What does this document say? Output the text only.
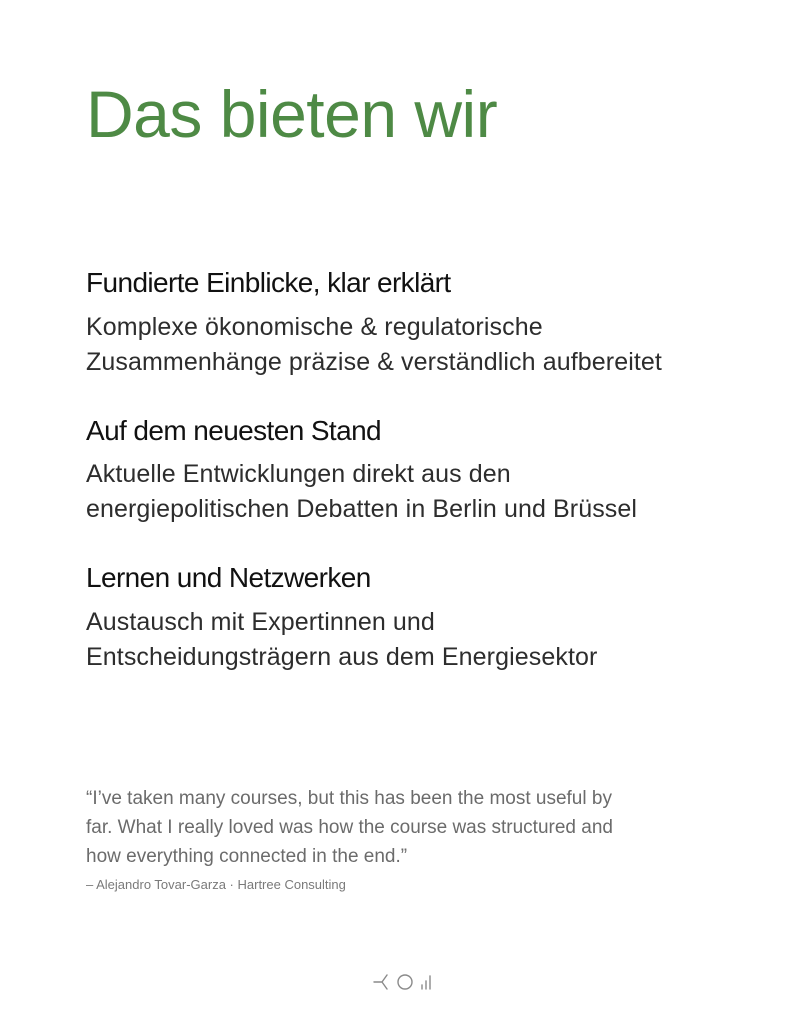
Das bieten wir
Fundierte Einblicke, klar erklärt

Komplexe ökonomische & regulatorische
Zusammenhänge präzise & verständlich aufbereitet

Auf dem neuesten Stand

Aktuelle Entwicklungen direkt aus den
energiepolitischen Debatten in Berlin und Brüssel

Lernen und Netzwerken

Austausch mit Expertinnen und
Entscheidungsträgern aus dem Energiesektor

“I’ve taken many courses, but this has been the most useful by
far. What I really loved was how the course was structured and
how everything connected in the end.”

– Alejandro Tovar-Garza · Hartree Consulting
